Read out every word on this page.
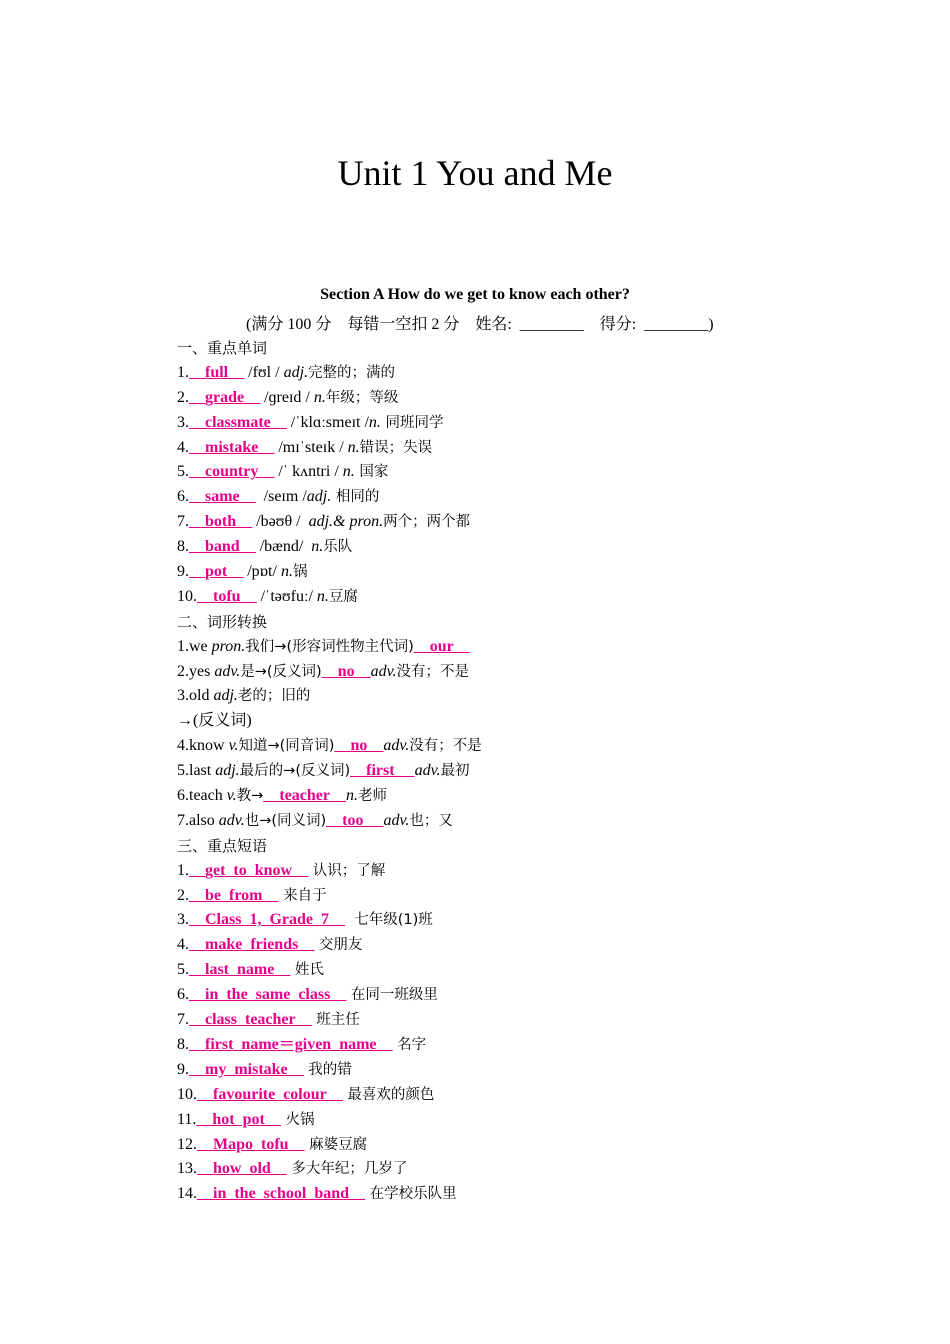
Unit 1 You and Me
Section A How do we get to know each other?
(满分 100 分    每错一空扣 2 分    姓名:  ________    得分:  ________)
一、重点单词
1.__full__ /fʊl / adj.完整的；满的
2.__grade__ /ɡreɪd / n.年级；等级
3.__classmate__ /ˈklɑːsmeɪt /n. 同班同学
4.__mistake__ /mɪˈsteɪk / n.错误；失误
5.__country__ /ˈ kʌntri / n. 国家
6.__same__  /seɪm /adj. 相同的
7.__both__ /bəʊθ /  adj.& pron.两个；两个都
8.__band__ /bænd/  n.乐队
9.__pot__ /pɒt/ n.锅
10.__tofu__ /ˈtəʊfuː/ n.豆腐
二、词形转换
1.we pron.我们→(形容词性物主代词)__our__
2.yes adv.是→(反义词)__no__adv.没有；不是
3.old adj.老的；旧的
→(反义词)
4.know v.知道→(同音词)__no__adv.没有；不是
5.last adj.最后的→(反义词)__first__ adv.最初
6.teach v.教→__teacher__n.老师
7.also adv.也→(同义词)__too__ adv.也；又
三、重点短语
1.__get  to  know__ 认识；了解
2.__be  from__ 来自于
3.__Class  1,  Grade  7__  七年级(1)班
4.__make  friends__ 交朋友
5.__last  name__ 姓氏
6.__in  the  same  class__ 在同一班级里
7.__class  teacher__ 班主任
8.__first  name＝given  name__ 名字
9.__my  mistake__ 我的错
10.__favourite  colour__ 最喜欢的颜色
11.__hot  pot__ 火锅
12.__Mapo  tofu__ 麻婆豆腐
13.__how  old__ 多大年纪；几岁了
14.__in  the  school  band__ 在学校乐队里
